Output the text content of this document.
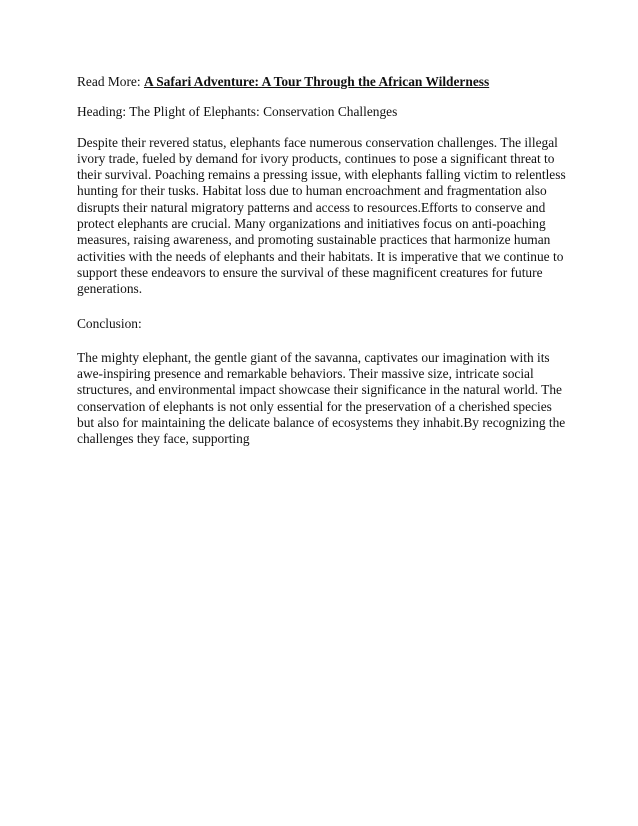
Read More: A Safari Adventure: A Tour Through the African Wilderness

Heading: The Plight of Elephants: Conservation Challenges

Despite their revered status, elephants face numerous conservation challenges. The illegal ivory trade, fueled by demand for ivory products, continues to pose a significant threat to their survival. Poaching remains a pressing issue, with elephants falling victim to relentless hunting for their tusks. Habitat loss due to human encroachment and fragmentation also disrupts their natural migratory patterns and access to resources.Efforts to conserve and protect elephants are crucial. Many organizations and initiatives focus on anti-poaching measures, raising awareness, and promoting sustainable practices that harmonize human activities with the needs of elephants and their habitats. It is imperative that we continue to support these endeavors to ensure the survival of these magnificent creatures for future generations.

Conclusion:

The mighty elephant, the gentle giant of the savanna, captivates our imagination with its awe-inspiring presence and remarkable behaviors. Their massive size, intricate social structures, and environmental impact showcase their significance in the natural world. The conservation of elephants is not only essential for the preservation of a cherished species but also for maintaining the delicate balance of ecosystems they inhabit.By recognizing the challenges they face, supporting
